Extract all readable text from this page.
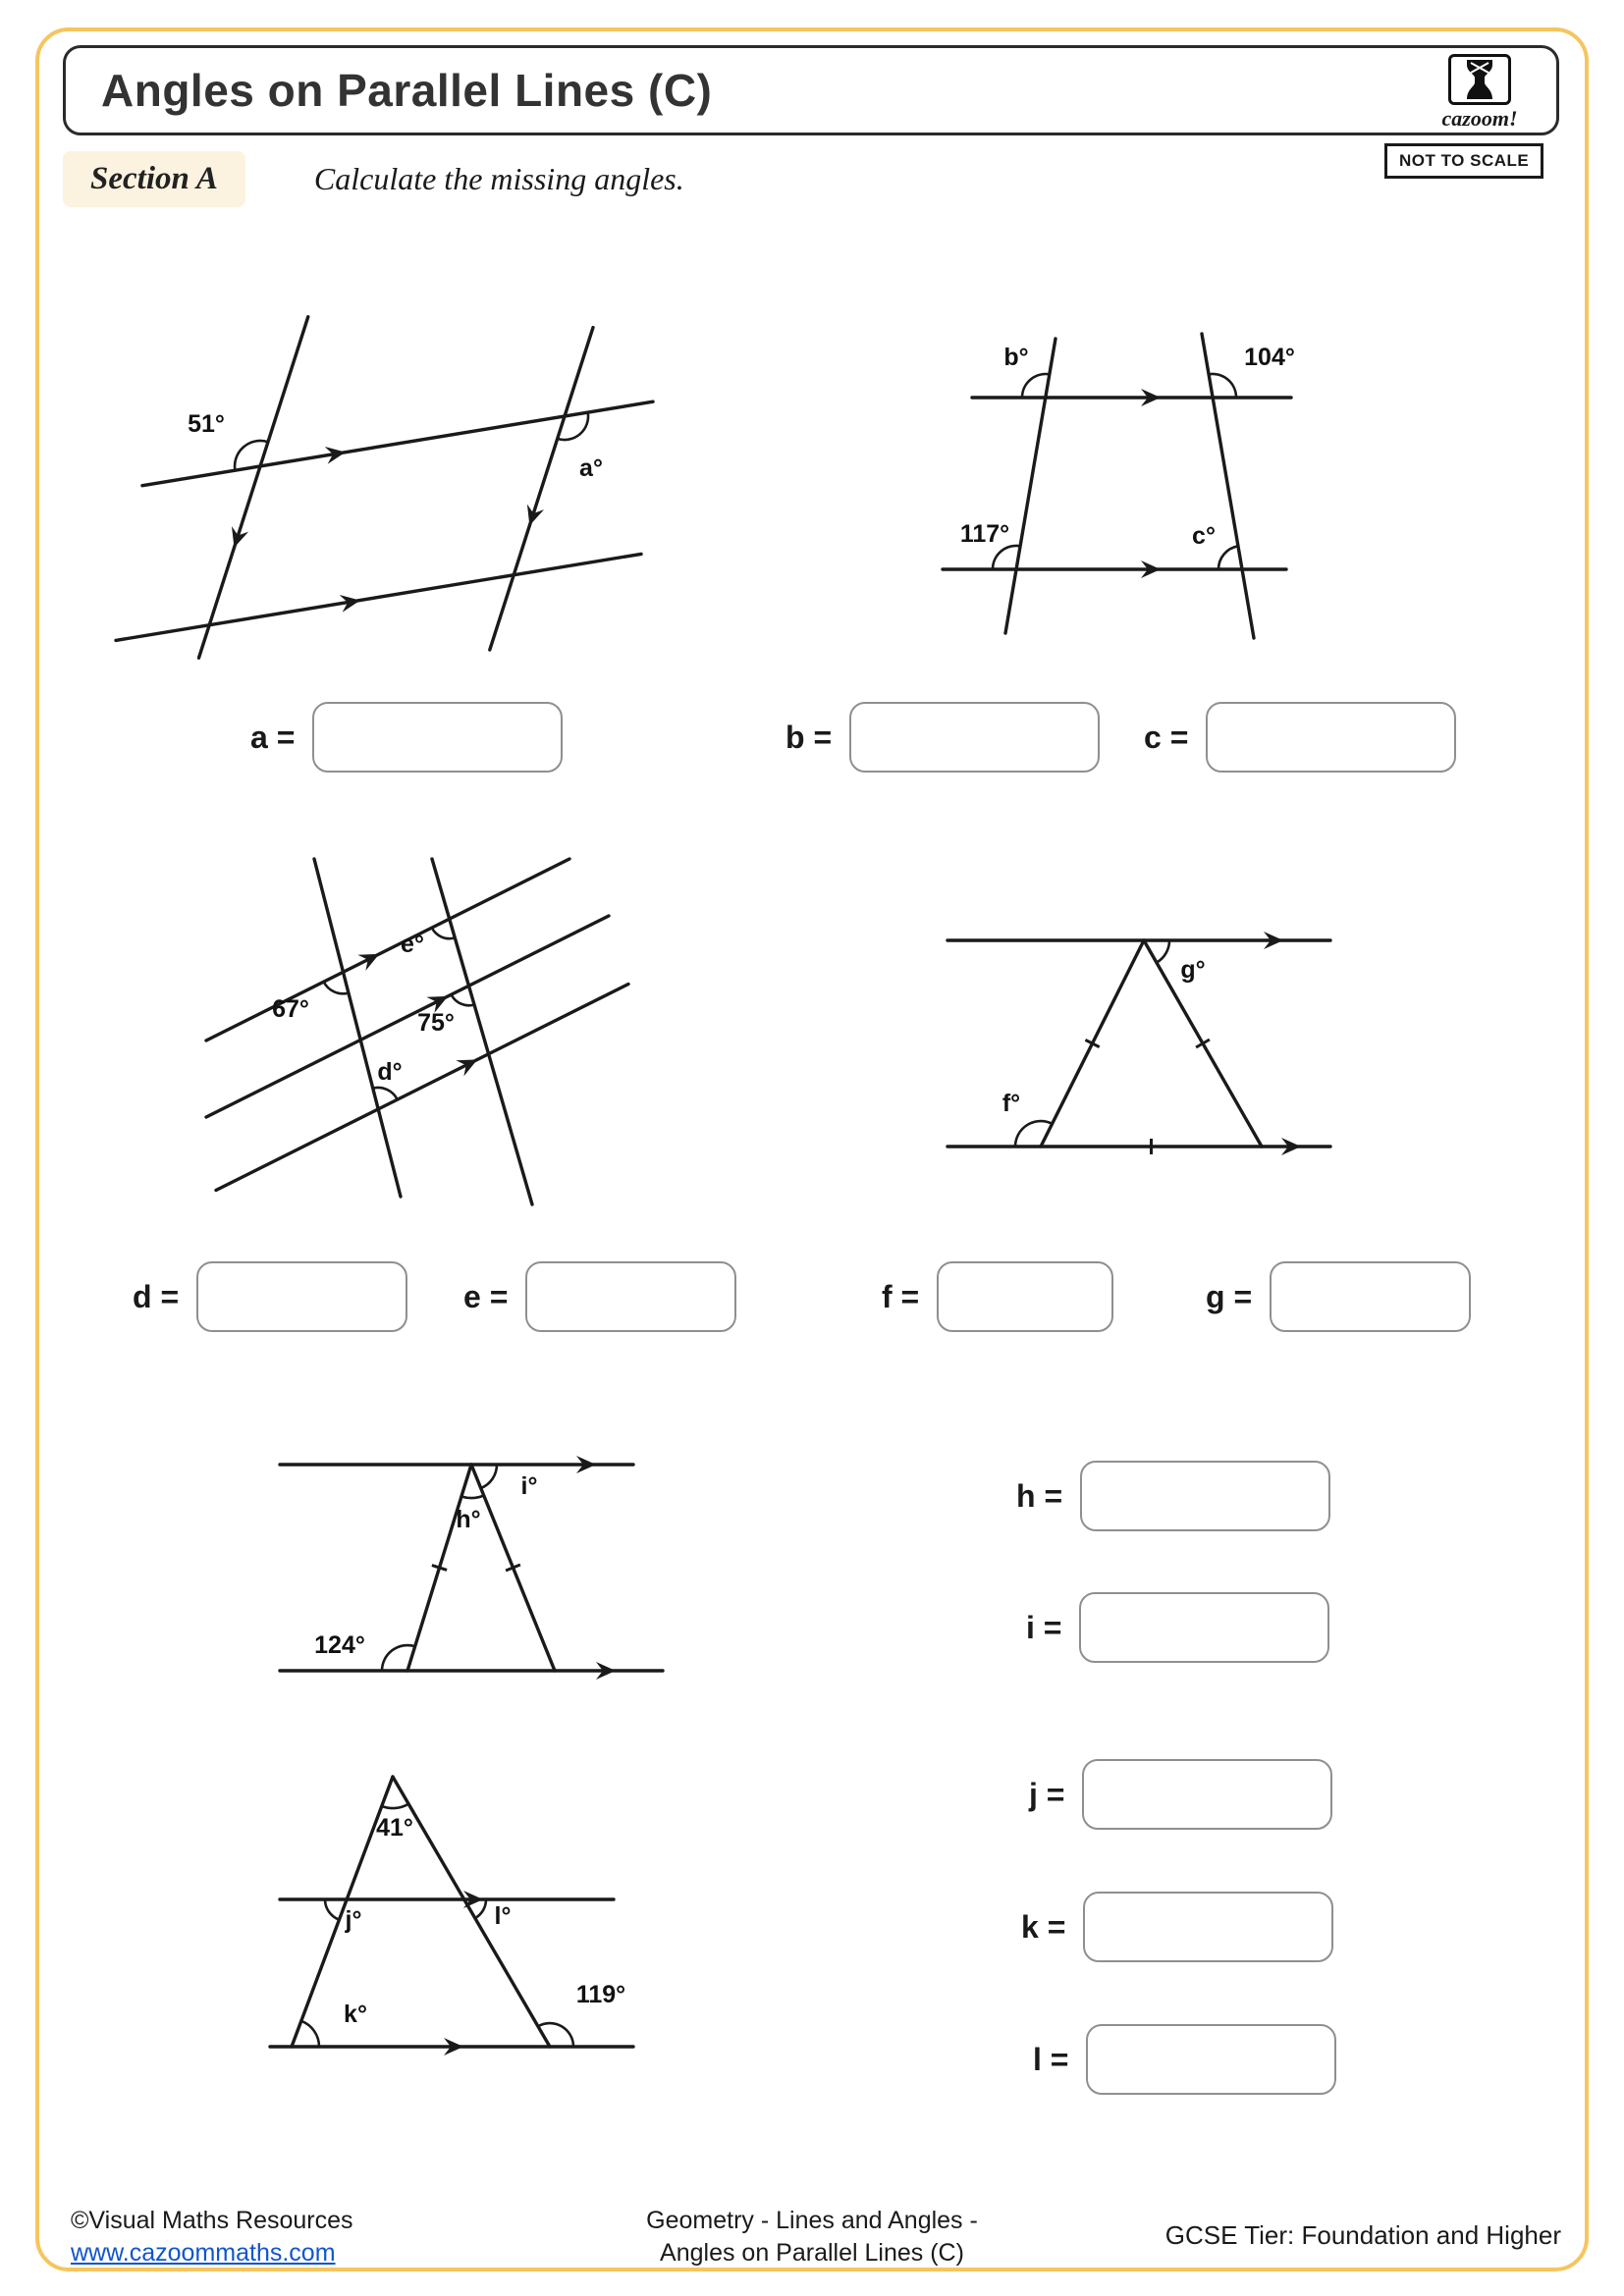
Angles on Parallel Lines (C)
cazoom!
NOT TO SCALE
Section A	Calculate the missing angles.
51°
a°
b°	104°
117°	c°
a =	b =	c =
67°
e°
75°
d°
g°
f°
d =	e =	f =	g =
h°
i°
124°
41°
j°	l°
k°
119°
h =
i =
j =
k =
l =
©Visual Maths Resources
www.cazoommaths.com
Geometry - Lines and Angles -
Angles on Parallel Lines (C)
GCSE Tier: Foundation and Higher
